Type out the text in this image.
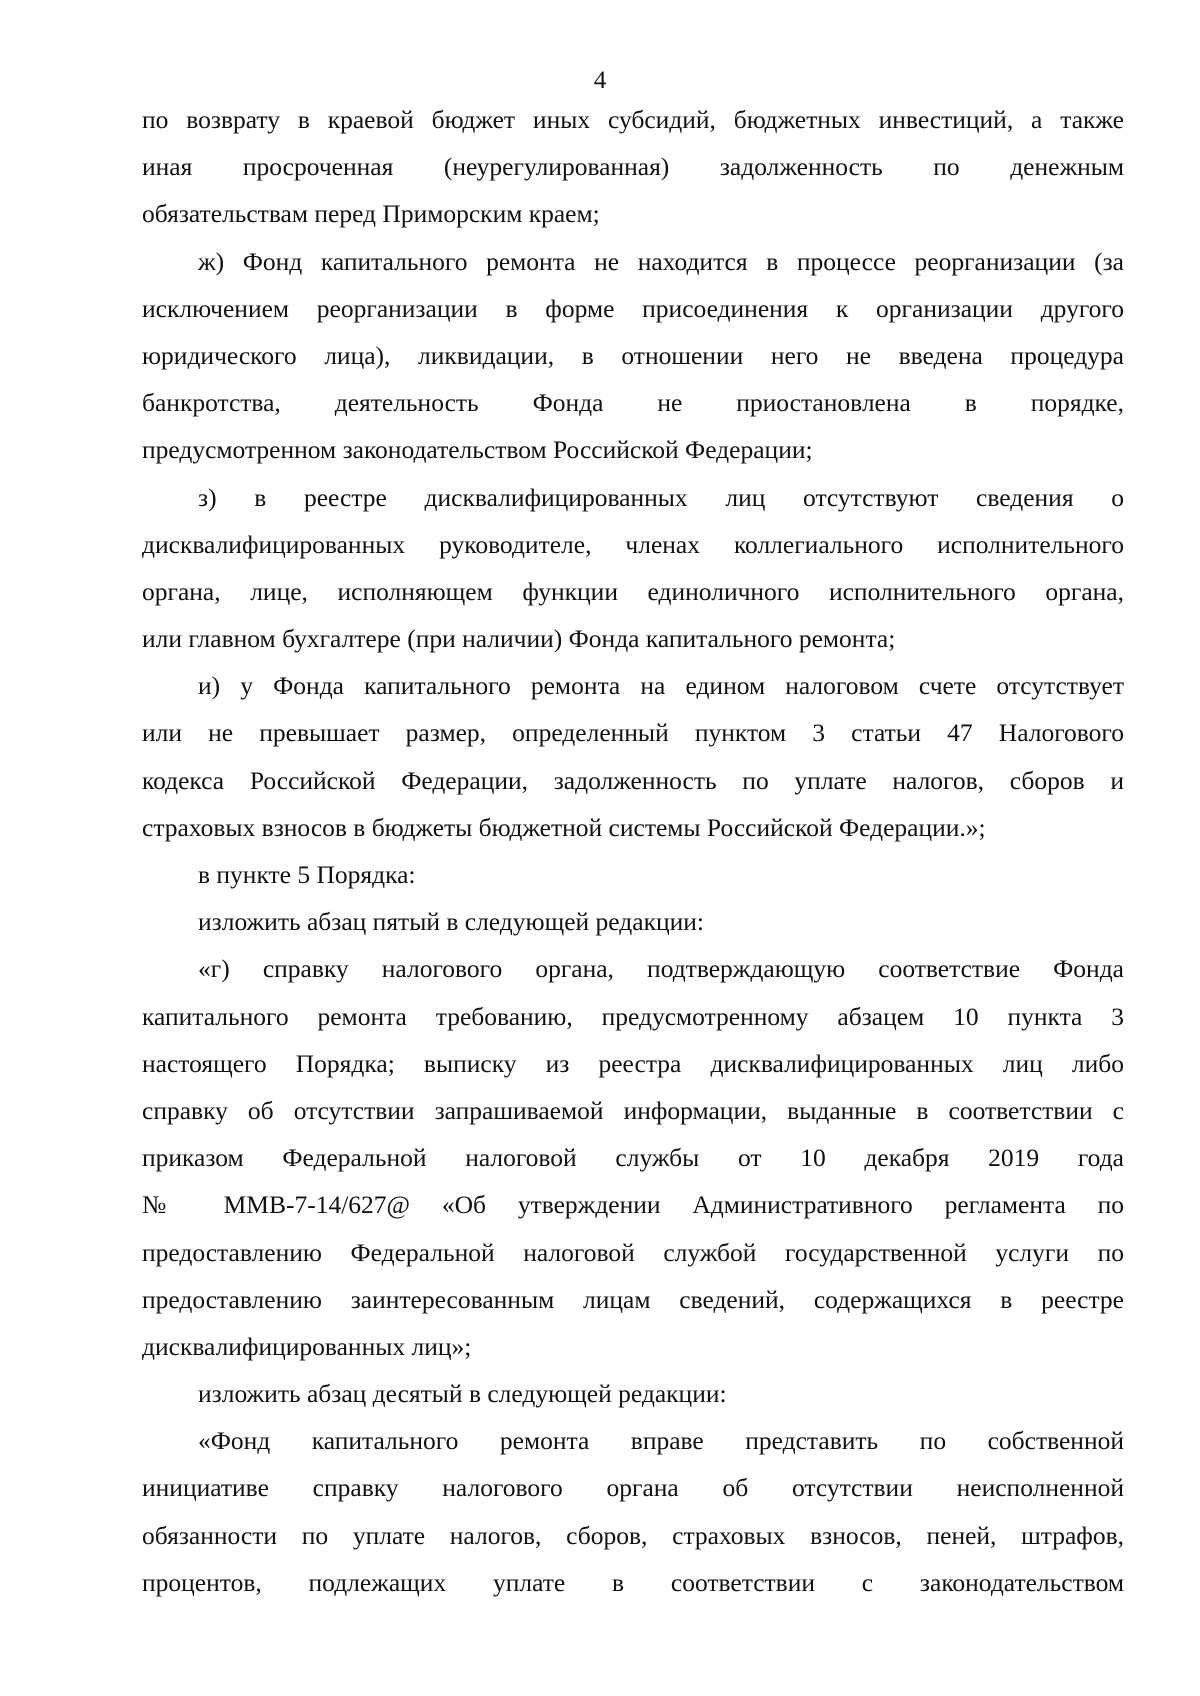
4
по возврату в краевой бюджет иных субсидий, бюджетных инвестиций, а также
иная просроченная (неурегулированная) задолженность по денежным
обязательствам перед Приморским краем;
ж) Фонд капитального ремонта не находится в процессе реорганизации (за
исключением реорганизации в форме присоединения к организации другого
юридического лица), ликвидации, в отношении него не введена процедура
банкротства, деятельность Фонда не приостановлена в порядке,
предусмотренном законодательством Российской Федерации;
з) в реестре дисквалифицированных лиц отсутствуют сведения о
дисквалифицированных руководителе, членах коллегиального исполнительного
органа, лице, исполняющем функции единоличного исполнительного органа,
или главном бухгалтере (при наличии) Фонда капитального ремонта;
и) у Фонда капитального ремонта на едином налоговом счете отсутствует
или не превышает размер, определенный пунктом 3 статьи 47 Налогового
кодекса Российской Федерации, задолженность по уплате налогов, сборов и
страховых взносов в бюджеты бюджетной системы Российской Федерации.»;
в пункте 5 Порядка:
изложить абзац пятый в следующей редакции:
«г) справку налогового органа, подтверждающую соответствие Фонда
капитального ремонта требованию, предусмотренному абзацем 10 пункта 3
настоящего Порядка; выписку из реестра дисквалифицированных лиц либо
справку об отсутствии запрашиваемой информации, выданные в соответствии с
приказом Федеральной налоговой службы от 10 декабря 2019 года
№ ММВ-7-14/627@ «Об утверждении Административного регламента по
предоставлению Федеральной налоговой службой государственной услуги по
предоставлению заинтересованным лицам сведений, содержащихся в реестре
дисквалифицированных лиц»;
изложить абзац десятый в следующей редакции:
«Фонд капитального ремонта вправе представить по собственной
инициативе справку налогового органа об отсутствии неисполненной
обязанности по уплате налогов, сборов, страховых взносов, пеней, штрафов,
процентов, подлежащих уплате в соответствии с законодательством
